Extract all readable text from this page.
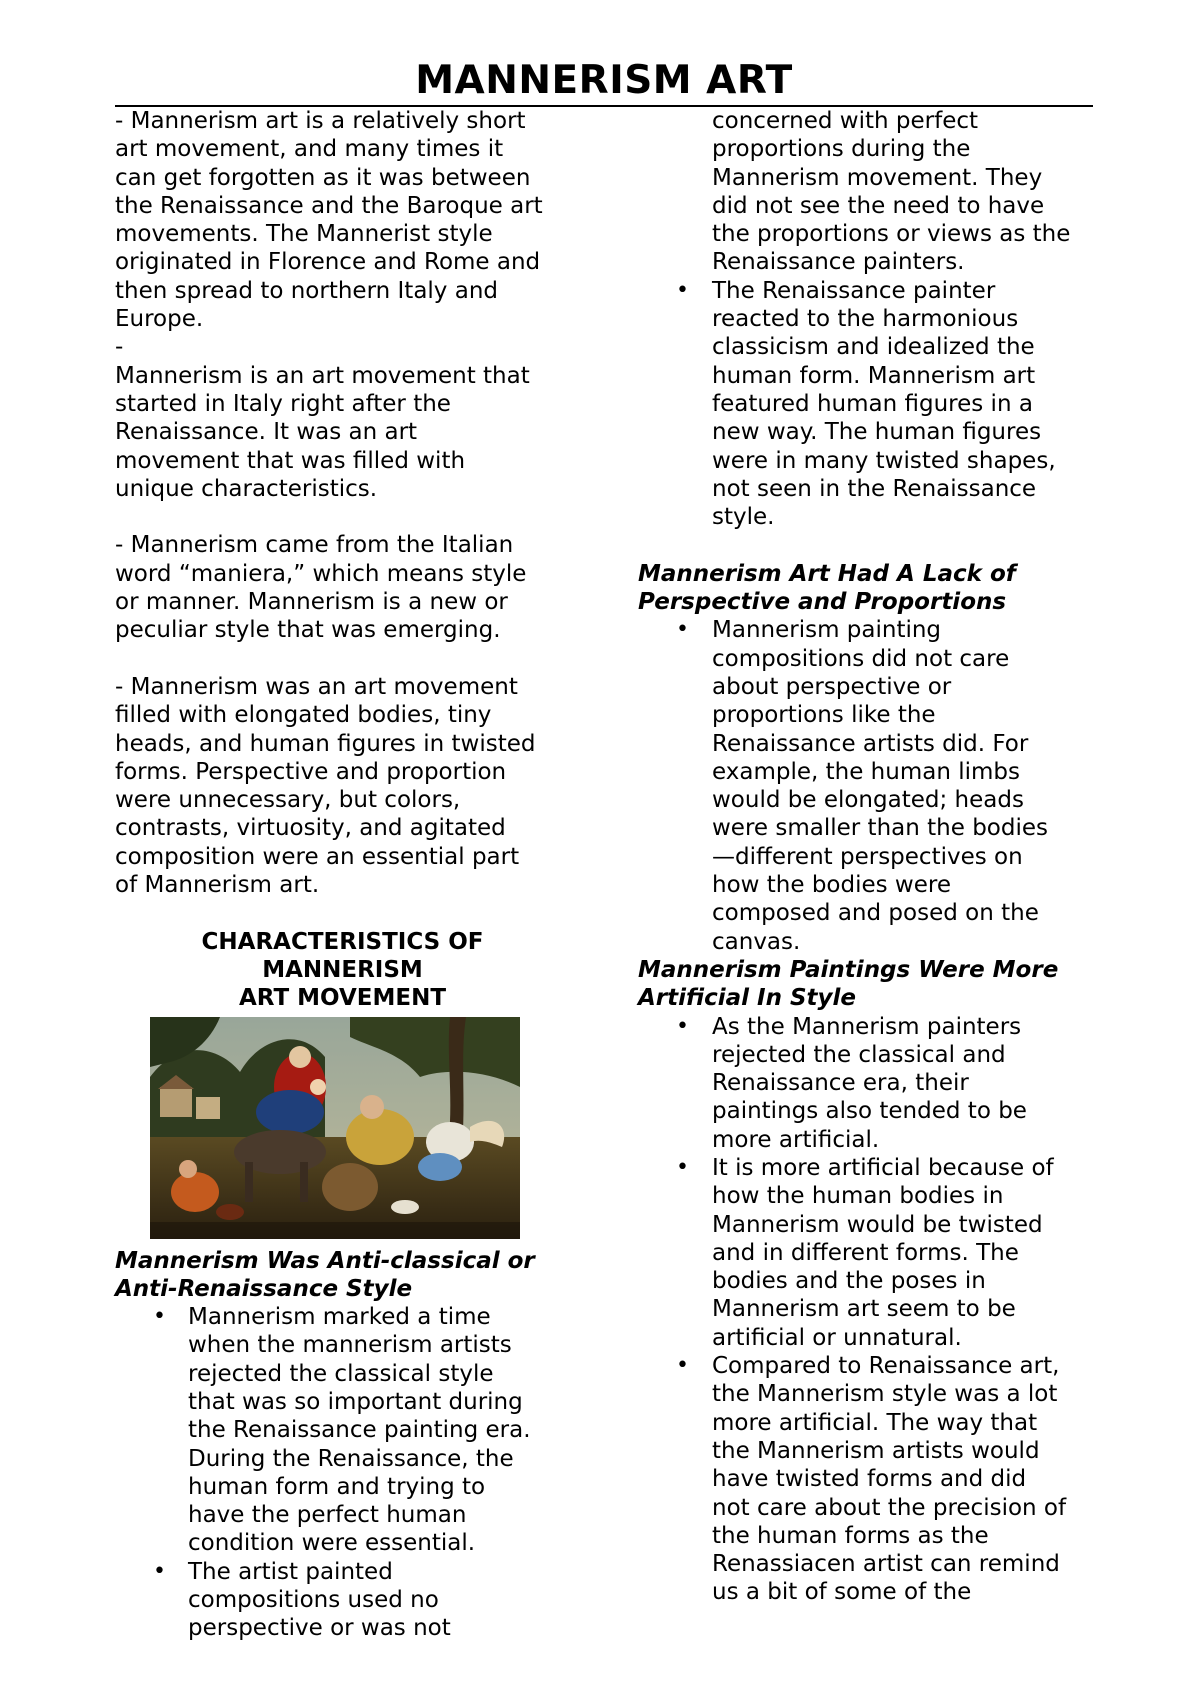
MANNERISM ART

- Mannerism art is a relatively short
art movement, and many times it
can get forgotten as it was between
the Renaissance and the Baroque art
movements. The Mannerist style
originated in Florence and Rome and
then spread to northern Italy and
Europe.

-

Mannerism is an art movement that
started in Italy right after the
Renaissance. It was an art
movement that was filled with
unique characteristics.

- Mannerism came from the Italian
word “maniera,” which means style
or manner. Mannerism is a new or
peculiar style that was emerging.

- Mannerism was an art movement
filled with elongated bodies, tiny
heads, and human figures in twisted
forms. Perspective and proportion
were unnecessary, but colors,
contrasts, virtuosity, and agitated
composition were an essential part
of Mannerism art.

CHARACTERISTICS OF
MANNERISM
ART MOVEMENT

Mannerism Was Anti-classical or
Anti-Renaissance Style

• Mannerism marked a time
when the mannerism artists
rejected the classical style
that was so important during
the Renaissance painting era.
During the Renaissance, the
human form and trying to
have the perfect human
condition were essential.
• The artist painted
compositions used no
perspective or was not
concerned with perfect
proportions during the
Mannerism movement. They
did not see the need to have
the proportions or views as the
Renaissance painters.
• The Renaissance painter
reacted to the harmonious
classicism and idealized the
human form. Mannerism art
featured human figures in a
new way. The human figures
were in many twisted shapes,
not seen in the Renaissance
style.

Mannerism Art Had A Lack of
Perspective and Proportions

• Mannerism painting
compositions did not care
about perspective or
proportions like the
Renaissance artists did. For
example, the human limbs
would be elongated; heads
were smaller than the bodies
—different perspectives on
how the bodies were
composed and posed on the
canvas.

Mannerism Paintings Were More
Artificial In Style

• As the Mannerism painters
rejected the classical and
Renaissance era, their
paintings also tended to be
more artificial.
• It is more artificial because of
how the human bodies in
Mannerism would be twisted
and in different forms. The
bodies and the poses in
Mannerism art seem to be
artificial or unnatural.
• Compared to Renaissance art,
the Mannerism style was a lot
more artificial. The way that
the Mannerism artists would
have twisted forms and did
not care about the precision of
the human forms as the
Renassiacen artist can remind
us a bit of some of the
